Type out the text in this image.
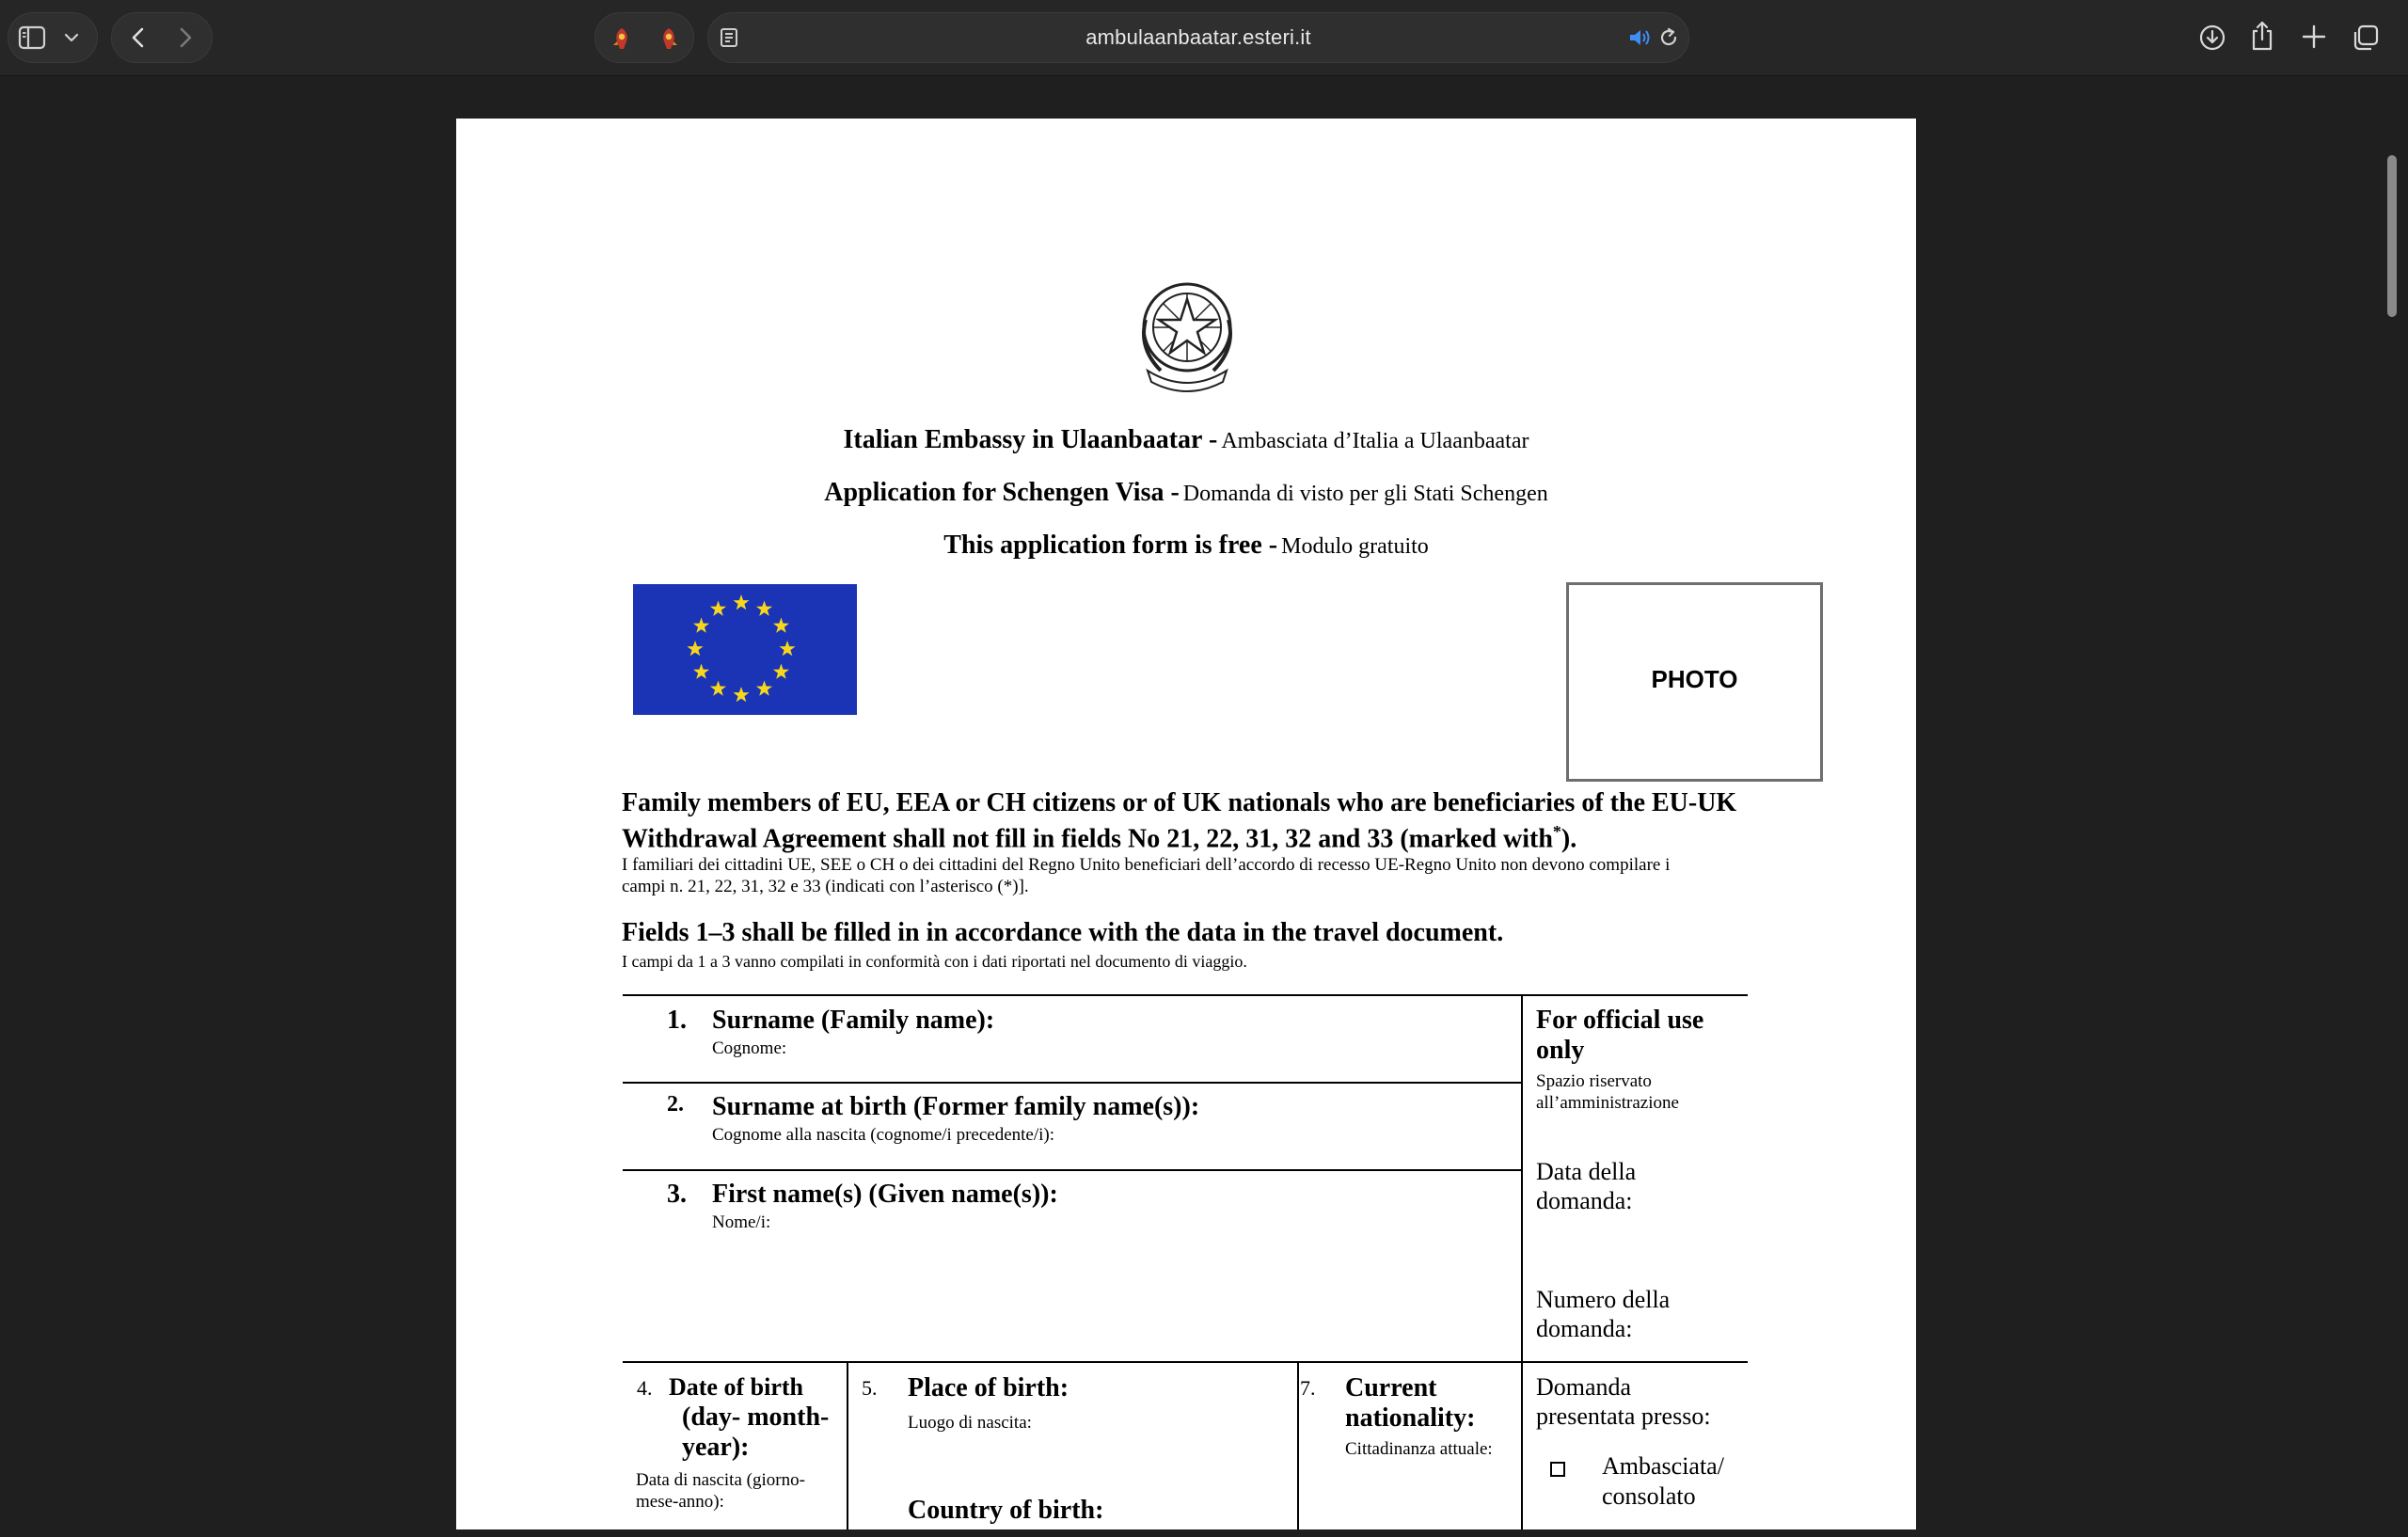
ambulaanbaatar.esteri.it
Italian Embassy in Ulaanbaatar - Ambasciata d’Italia a Ulaanbaatar
Application for Schengen Visa - Domanda di visto per gli Stati Schengen
This application form is free - Modulo gratuito
PHOTO
Family members of EU, EEA or CH citizens or of UK nationals who are beneficiaries of the EU-UK
Withdrawal Agreement shall not fill in fields No 21, 22, 31, 32 and 33 (marked with*).
I familiari dei cittadini UE, SEE o CH o dei cittadini del Regno Unito beneficiari dell’accordo di recesso UE-Regno Unito non devono compilare i
campi n. 21, 22, 31, 32 e 33 (indicati con l’asterisco (*)].
Fields 1–3 shall be filled in in accordance with the data in the travel document.
I campi da 1 a 3 vanno compilati in conformità con i dati riportati nel documento di viaggio.
1. Surname (Family name):
Cognome:
2. Surname at birth (Former family name(s)):
Cognome alla nascita (cognome/i precedente/i):
3. First name(s) (Given name(s)):
Nome/i:
4. Date of birth
(day- month-
year):
Data di nascita (giorno-
mese-anno):
5. Place of birth:
Luogo di nascita:
Country of birth:
7. Current
nationality:
Cittadinanza attuale:
For official use
only
Spazio riservato
all’amministrazione
Data della
domanda:
Numero della
domanda:
Domanda
presentata presso:
Ambasciata/
consolato
